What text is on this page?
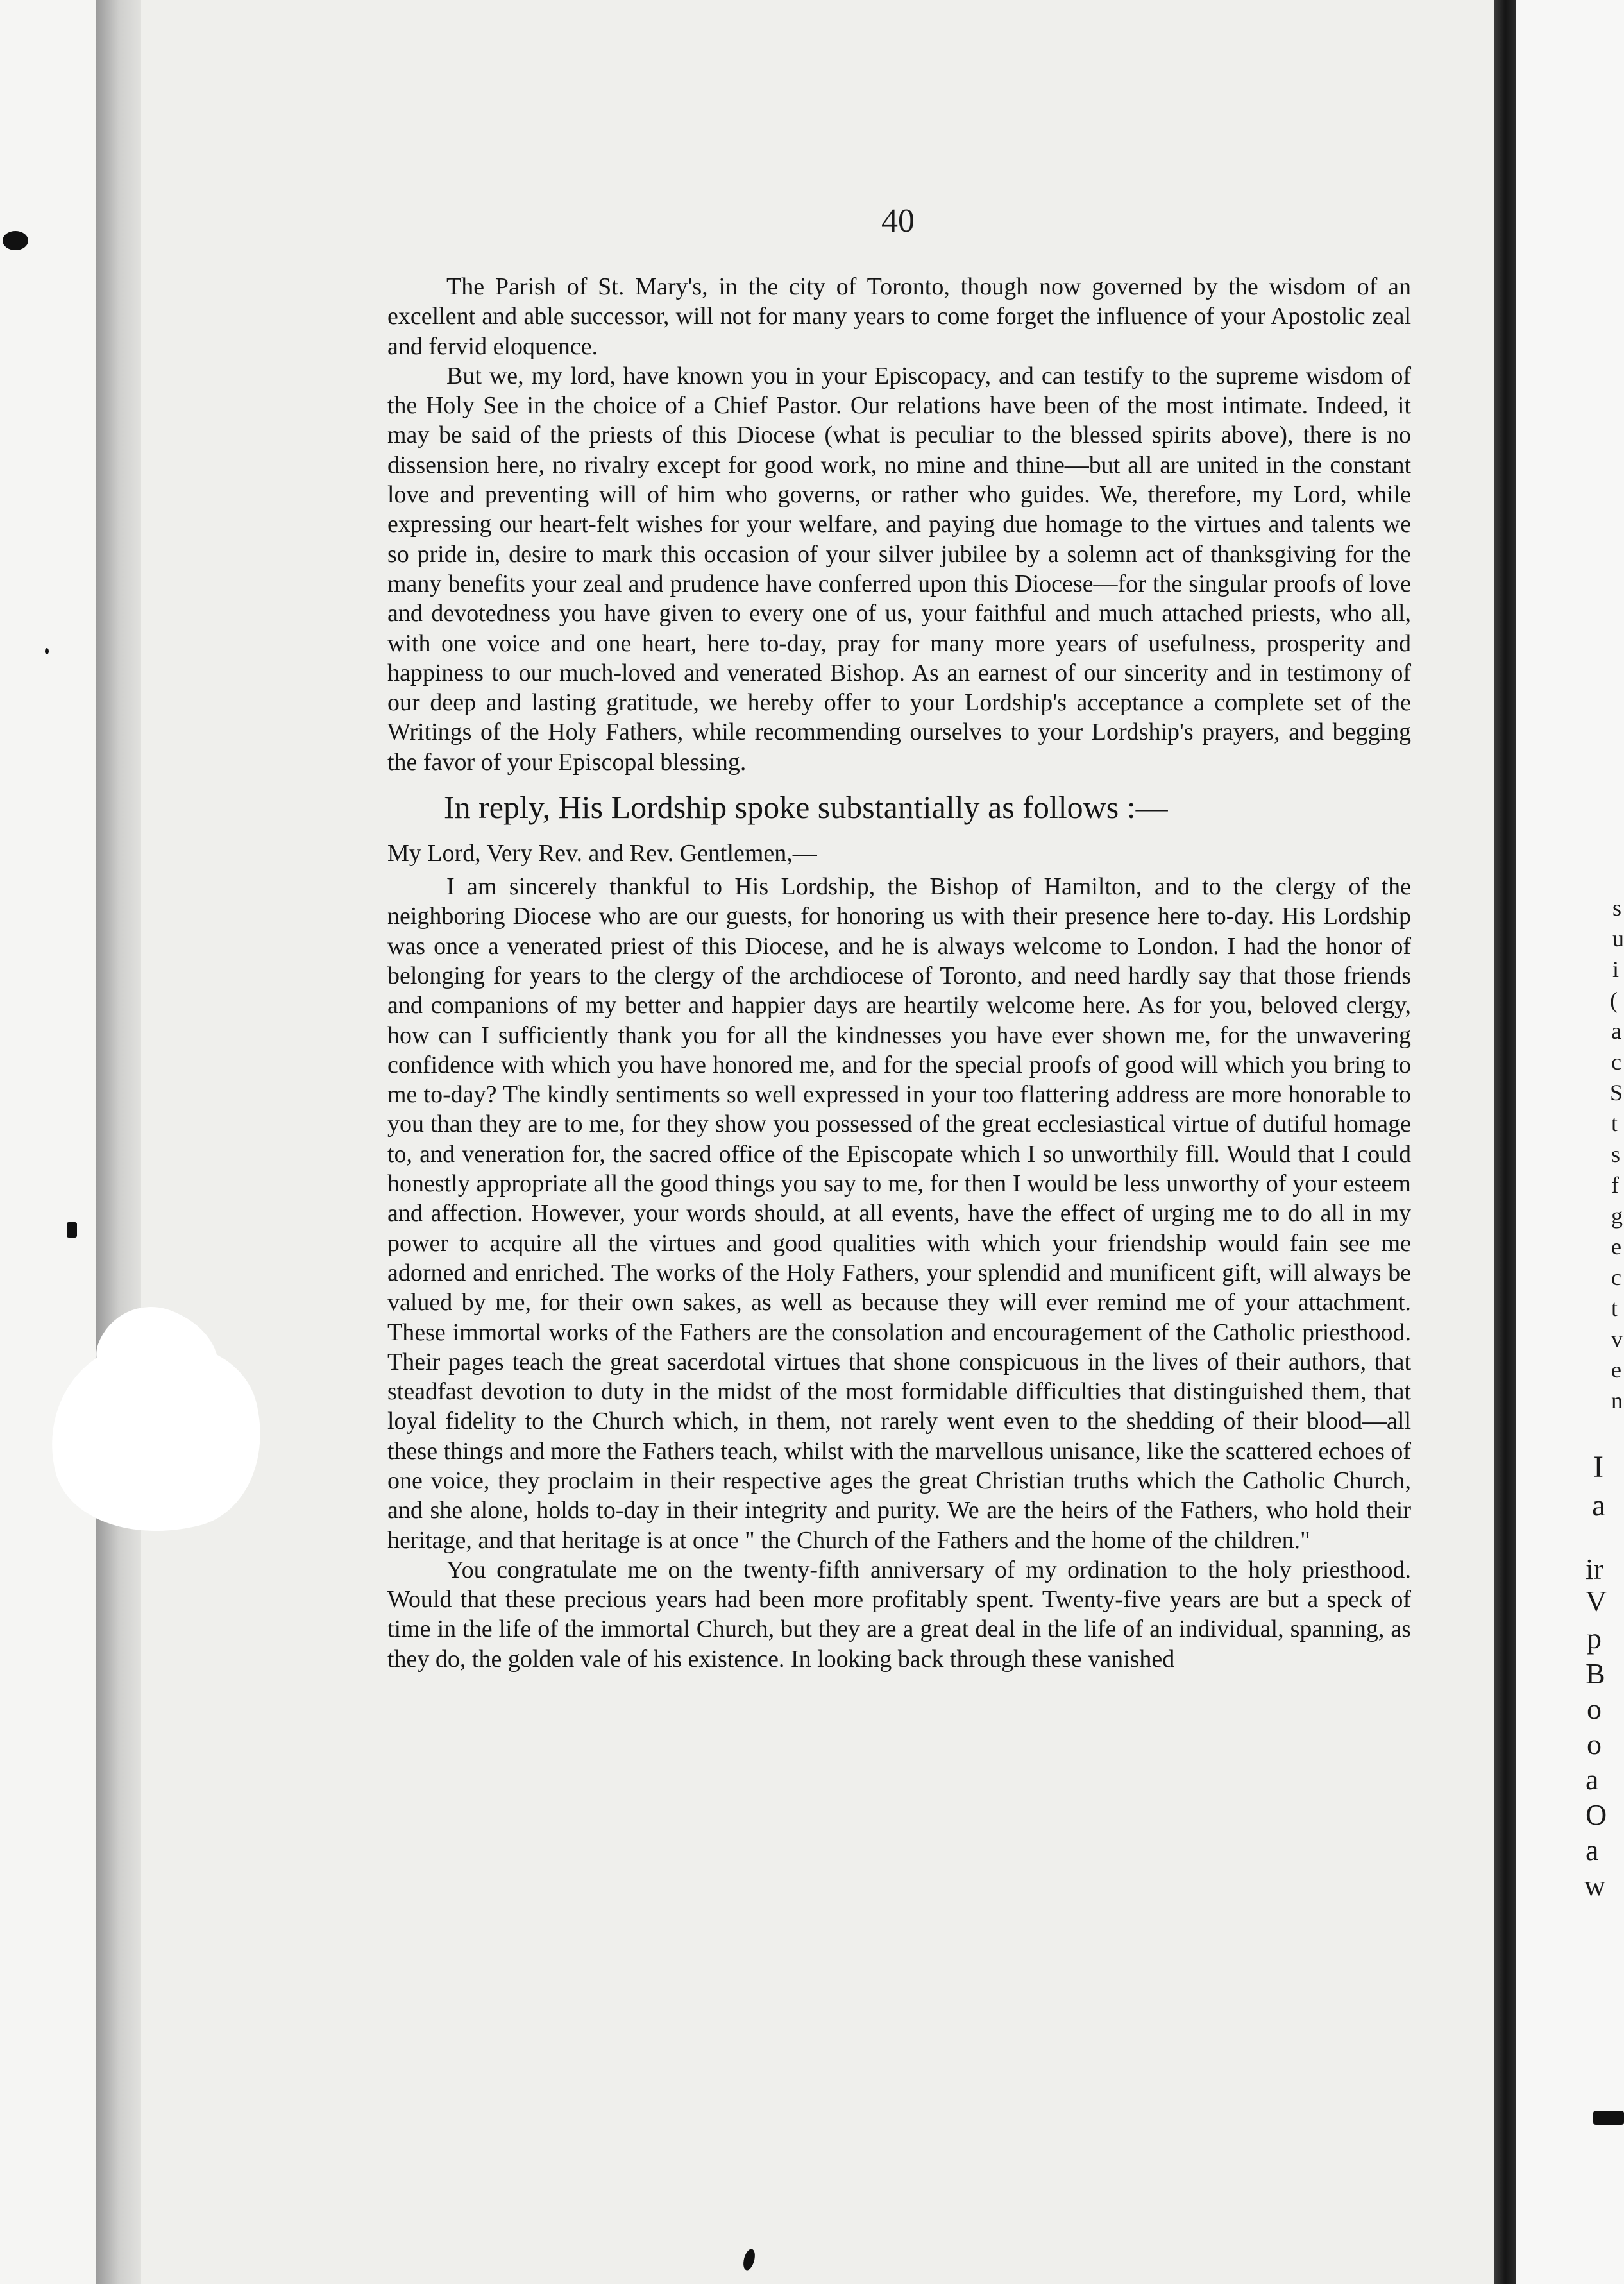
40

The Parish of St. Mary's, in the city of Toronto, though now governed by the wisdom of an excellent and able successor, will not for many years to come forget the influence of your Apostolic zeal and fervid eloquence.

But we, my lord, have known you in your Episcopacy, and can testify to the supreme wisdom of the Holy See in the choice of a Chief Pastor. Our relations have been of the most intimate. Indeed, it may be said of the priests of this Diocese (what is peculiar to the blessed spirits above), there is no dissension here, no rivalry except for good work, no mine and thine—but all are united in the constant love and preventing will of him who governs, or rather who guides. We, therefore, my Lord, while expressing our heart-felt wishes for your welfare, and paying due homage to the virtues and talents we so pride in, desire to mark this occasion of your silver jubilee by a solemn act of thanksgiving for the many benefits your zeal and prudence have conferred upon this Diocese—for the singular proofs of love and devotedness you have given to every one of us, your faithful and much attached priests, who all, with one voice and one heart, here to-day, pray for many more years of usefulness, prosperity and happiness to our much-loved and venerated Bishop. As an earnest of our sincerity and in testimony of our deep and lasting gratitude, we hereby offer to your Lordship's acceptance a complete set of the Writings of the Holy Fathers, while recommending ourselves to your Lordship's prayers, and begging the favor of your Episcopal blessing.

In reply, His Lordship spoke substantially as follows :—

My Lord, Very Rev. and Rev. Gentlemen,—

I am sincerely thankful to His Lordship, the Bishop of Hamilton, and to the clergy of the neighboring Diocese who are our guests, for honoring us with their presence here to-day. His Lordship was once a venerated priest of this Diocese, and he is always welcome to London. I had the honor of belonging for years to the clergy of the archdiocese of Toronto, and need hardly say that those friends and companions of my better and happier days are heartily welcome here. As for you, beloved clergy, how can I sufficiently thank you for all the kindnesses you have ever shown me, for the unwavering confidence with which you have honored me, and for the special proofs of good will which you bring to me to-day? The kindly sentiments so well expressed in your too flattering address are more honorable to you than they are to me, for they show you possessed of the great ecclesiastical virtue of dutiful homage to, and veneration for, the sacred office of the Episcopate which I so unworthily fill. Would that I could honestly appropriate all the good things you say to me, for then I would be less unworthy of your esteem and affection. However, your words should, at all events, have the effect of urging me to do all in my power to acquire all the virtues and good qualities with which your friendship would fain see me adorned and enriched. The works of the Holy Fathers, your splendid and munificent gift, will always be valued by me, for their own sakes, as well as because they will ever remind me of your attachment. These immortal works of the Fathers are the consolation and encouragement of the Catholic priesthood. Their pages teach the great sacerdotal virtues that shone conspicuous in the lives of their authors, that steadfast devotion to duty in the midst of the most formidable difficulties that distinguished them, that loyal fidelity to the Church which, in them, not rarely went even to the shedding of their blood—all these things and more the Fathers teach, whilst with the marvellous unisance, like the scattered echoes of one voice, they proclaim in their respective ages the great Christian truths which the Catholic Church, and she alone, holds to-day in their integrity and purity. We are the heirs of the Fathers, who hold their heritage, and that heritage is at once " the Church of the Fathers and the home of the children."

You congratulate me on the twenty-fifth anniversary of my ordination to the holy priesthood. Would that these precious years had been more profitably spent. Twenty-five years are but a speck of time in the life of the immortal Church, but they are a great deal in the life of an individual, spanning, as they do, the golden vale of his existence. In looking back through these vanished

s
u
i
(
a
c
S
t
s
f
g
e
c
t
v
e
n
I
a
ir
V
p
B
o
o
a
O
a
w
